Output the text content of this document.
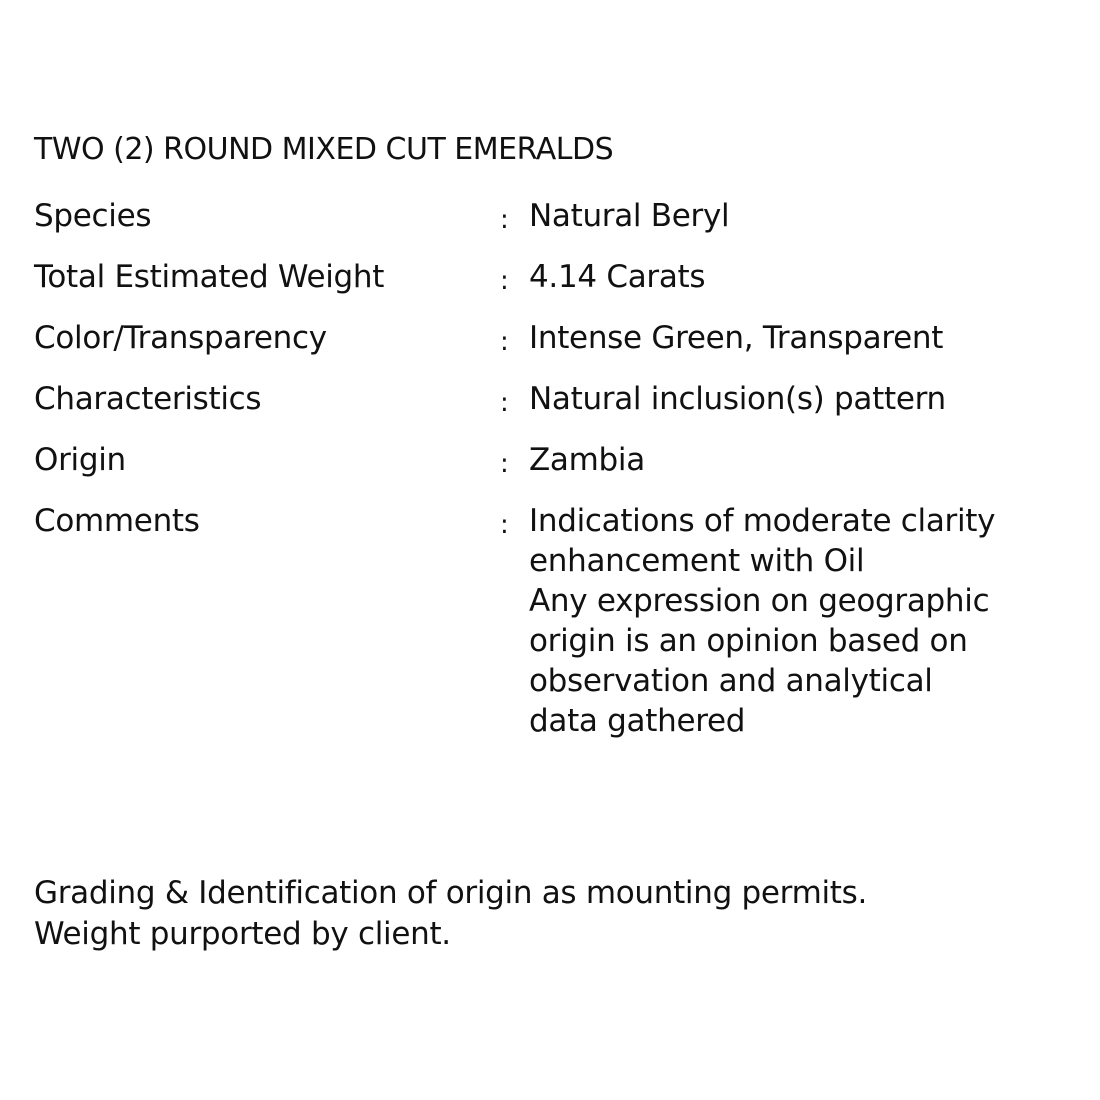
TWO (2) ROUND MIXED CUT EMERALDS
Species	: Natural Beryl
Total Estimated Weight	: 4.14 Carats
Color/Transparency	: Intense Green, Transparent
Characteristics	: Natural inclusion(s) pattern
Origin	: Zambia
Comments	: Indications of moderate clarity
enhancement with Oil
Any expression on geographic
origin is an opinion based on
observation and analytical
data gathered
Grading & Identification of origin as mounting permits.
Weight purported by client.
